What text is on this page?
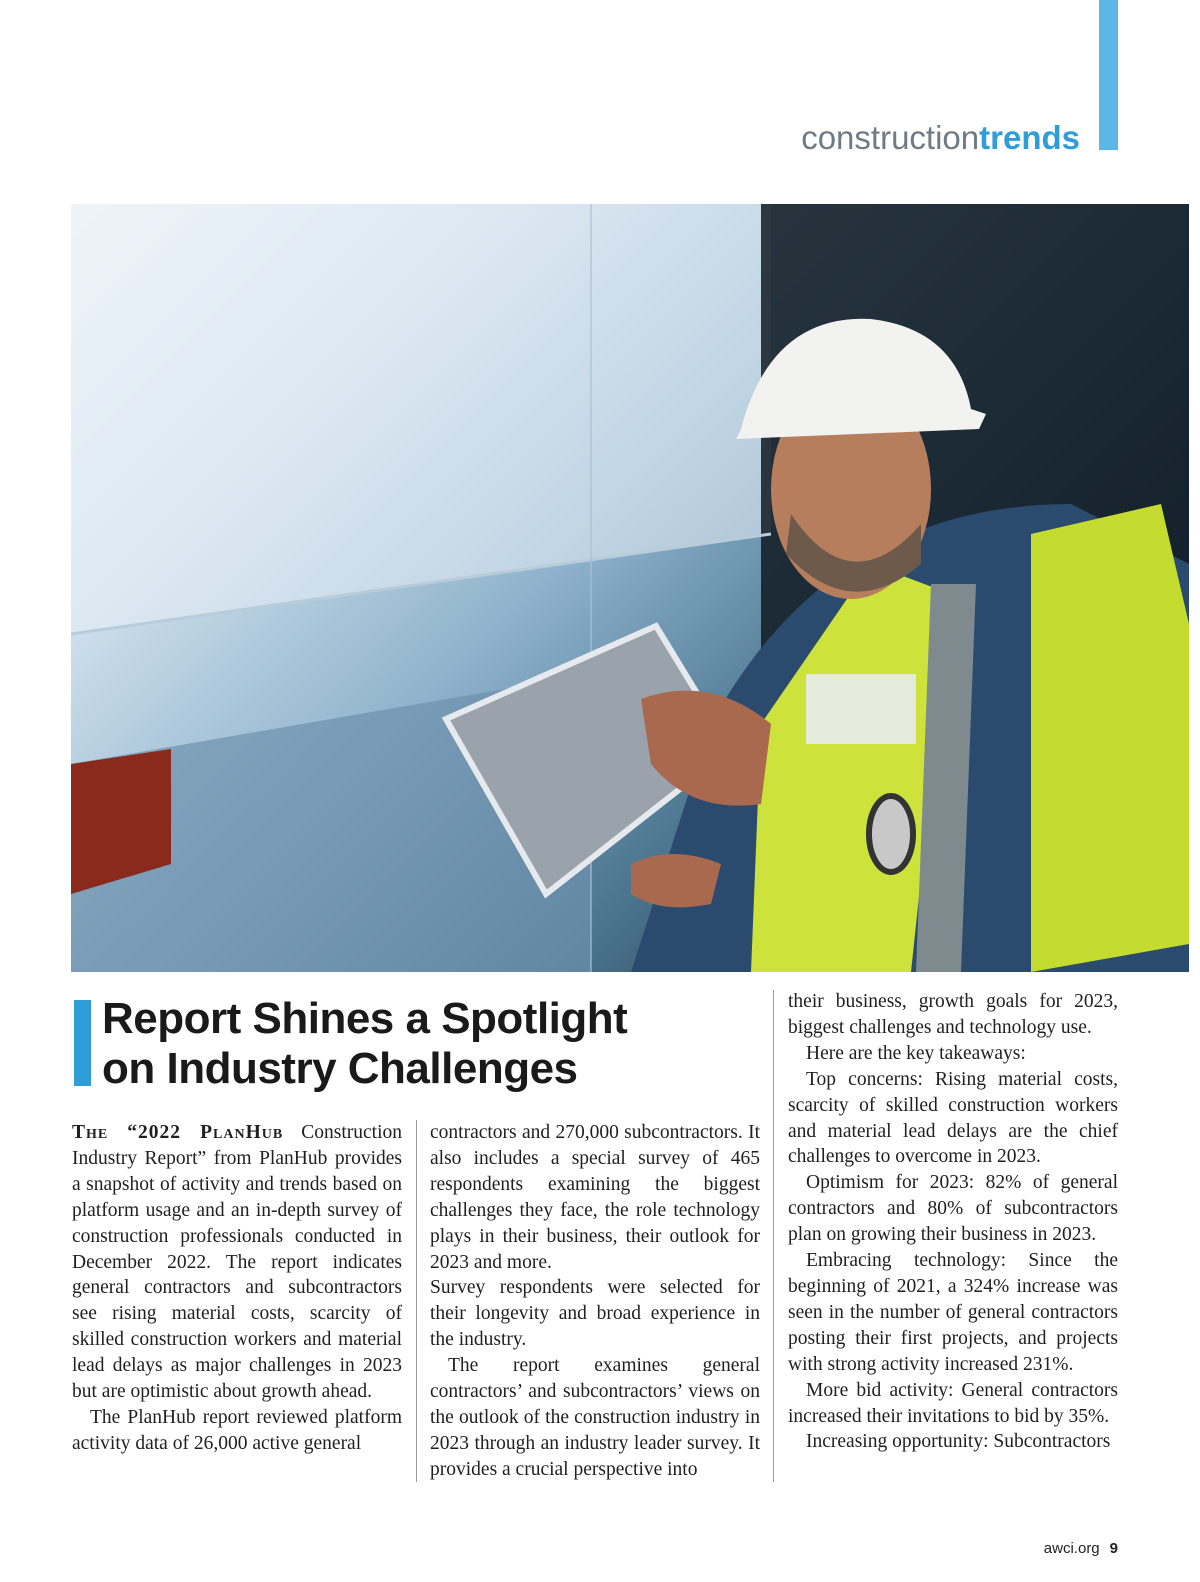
constructiontrends
Report Shines a Spotlight
on Industry Challenges

The “2022 PlanHub Construction Industry Report” from PlanHub provides a snapshot of activity and trends based on platform usage and an in-depth survey of construction professionals conducted in December 2022. The report indicates general contractors and subcontractors see rising material costs, scarcity of skilled construction workers and material lead delays as major challenges in 2023 but are optimistic about growth ahead.

The PlanHub report reviewed platform activity data of 26,000 active general

contractors and 270,000 subcontractors. It also includes a special survey of 465 respondents examining the biggest challenges they face, the role technology plays in their business, their outlook for 2023 and more.

Survey respondents were selected for their longevity and broad experience in the industry.

The report examines general contractors’ and subcontractors’ views on the outlook of the construction industry in 2023 through an industry leader survey. It provides a crucial perspective into

their business, growth goals for 2023, biggest challenges and technology use.

Here are the key takeaways:

Top concerns: Rising material costs, scarcity of skilled construction workers and material lead delays are the chief challenges to overcome in 2023.

Optimism for 2023: 82% of general contractors and 80% of subcontractors plan on growing their business in 2023.

Embracing technology: Since the beginning of 2021, a 324% increase was seen in the number of general contractors posting their first projects, and projects with strong activity increased 231%.

More bid activity: General contractors increased their invitations to bid by 35%.

Increasing opportunity: Subcontractors

awci.org 9
